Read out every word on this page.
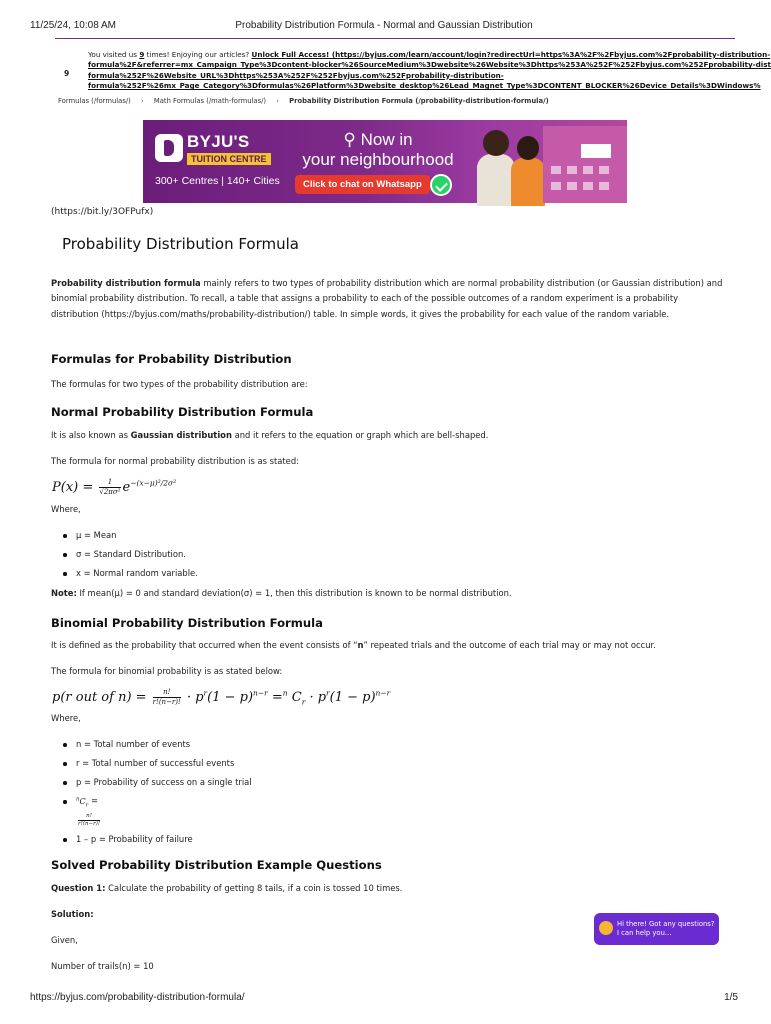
11/25/24, 10:08 AM	Probability Distribution Formula - Normal and Gaussian Distribution
9
You visited us 9 times! Enjoying our articles? Unlock Full Access! (https://byjus.com/learn/account/login?redirectUrl=https%3A%2F%2Fbyjus.com%2Fprobability-distribution-
formula%2F&referrer=mx_Campaign_Type%3Dcontent-blocker%26SourceMedium%3Dwebsite%26Website%3Dhttps%253A%252F%252Fbyjus.com%252Fprobability-dist
formula%252F%26Website_URL%3Dhttps%253A%252F%252Fbyjus.com%252Fprobability-distribution-
formula%252F%26mx_Page_Category%3Dformulas%26Platform%3Dwebsite_desktop%26Lead_Magnet_Type%3DCONTENT_BLOCKER%26Device_Details%3DWindows%
Formulas (/formulas/) › Math Formulas (/math-formulas/) › Probability Distribution Formula (/probability-distribution-formula/)
BYJU'S
TUITION CENTRE
300+ Centres | 140+ Cities
⚲ Now in
your neighbourhood
Click to chat on Whatsapp
(https://bit.ly/3OFPufx)
Probability Distribution Formula
Probability distribution formula mainly refers to two types of probability distribution which are normal probability distribution (or Gaussian distribution) and binomial probability distribution. To recall, a table that assigns a probability to each of the possible outcomes of a random experiment is a probability distribution (https://byjus.com/maths/probability-distribution/) table. In simple words, it gives the probability for each value of the random variable.
Formulas for Probability Distribution
The formulas for two types of the probability distribution are:
Normal Probability Distribution Formula
It is also known as Gaussian distribution and it refers to the equation or graph which are bell-shaped.
The formula for normal probability distribution is as stated:
$P(x) = \frac{1}{\text{√2πσ²}} e^{-(x-\mu)^2/2\sigma^2}$
Where,
μ = Mean
σ = Standard Distribution.
x = Normal random variable.
Note: If mean(μ) = 0 and standard deviation(σ) = 1, then this distribution is known to be normal distribution.
Binomial Probability Distribution Formula
It is defined as the probability that occurred when the event consists of “n” repeated trials and the outcome of each trial may or may not occur.
The formula for binomial probability is as stated below:
p(r out of $n) = \frac{n!}{r!(n-r)!} \cdot p^r(1 - p)^{n-r} =^n$ $C_r \cdot p^r(1 - p)^{n-r}$
Where,
n = Total number of events
r = Total number of successful events
p = Probability of success on a single trial
$^nC_r$ =

$\frac{n!}{r!(n-r)!}$
1 – p = Probability of failure
Solved Probability Distribution Example Questions
Question 1: Calculate the probability of getting 8 tails, if a coin is tossed 10 times.
Solution:
Given,
Number of trails(n) = 10
Hi there! Got any questions?
I can help you...
https://byjus.com/probability-distribution-formula/	1/5
